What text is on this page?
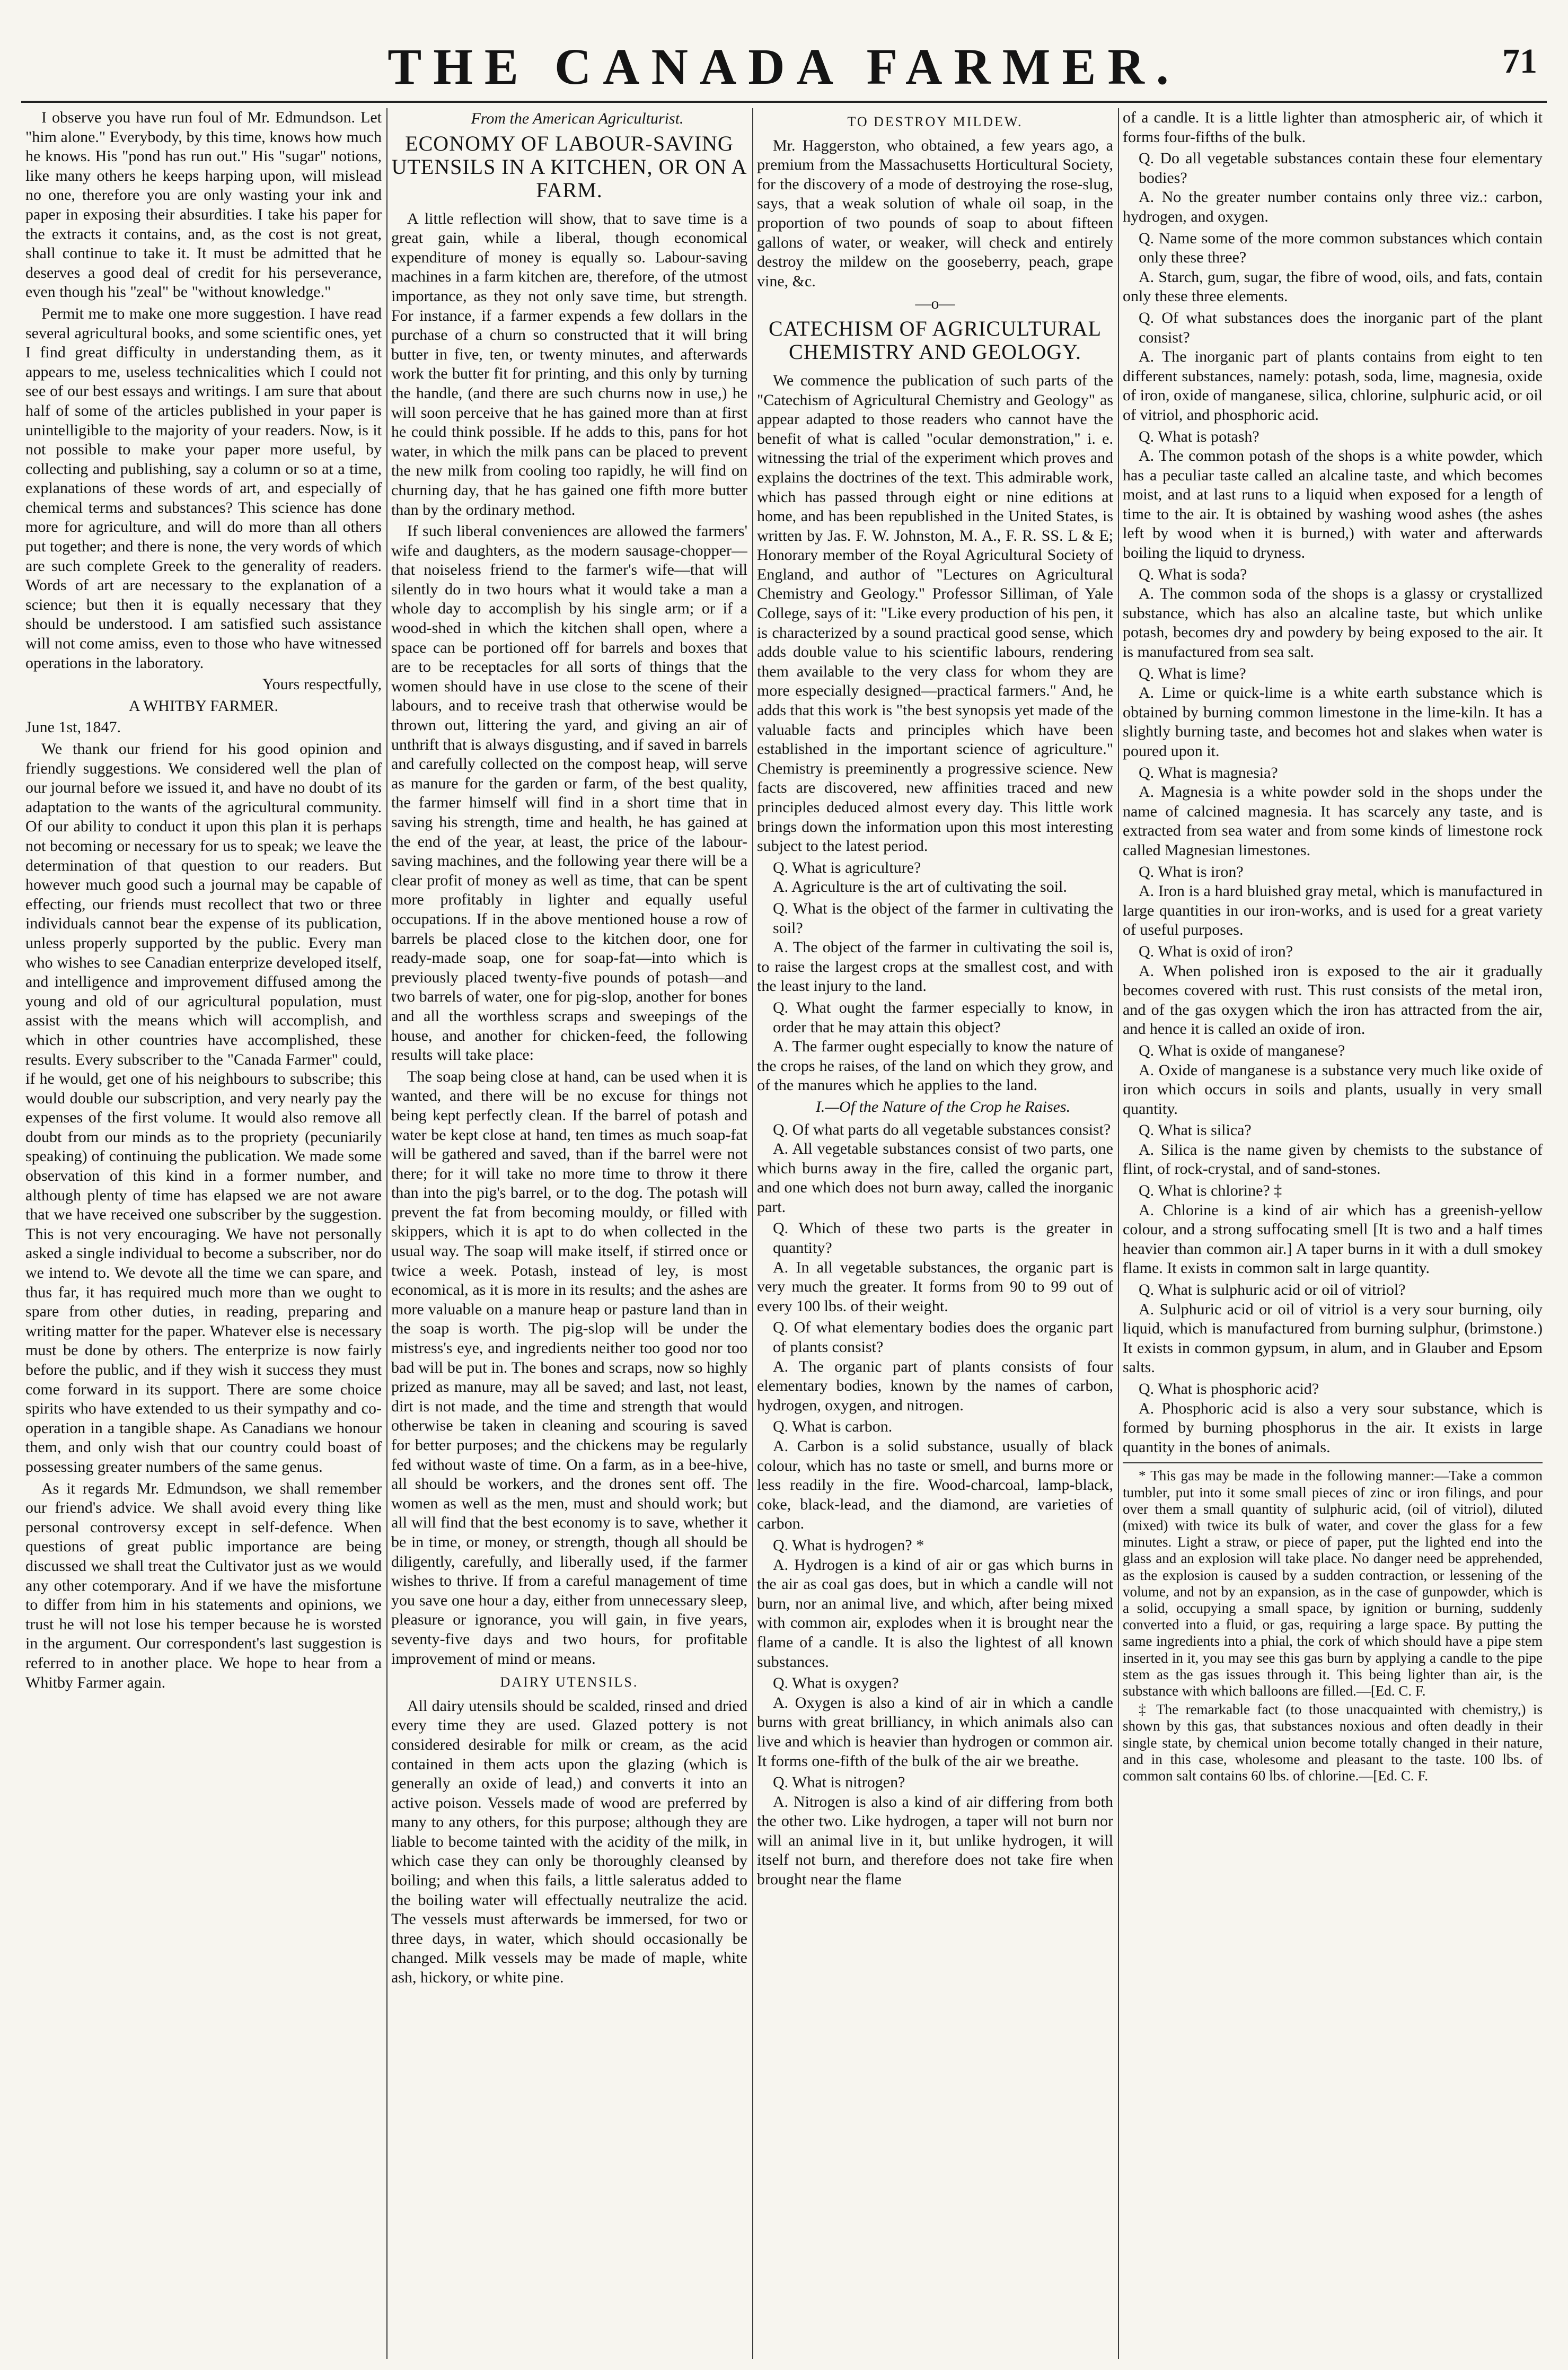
THE CANADA FARMER.	71

I observe you have run foul of Mr. Edmundson. Let "him alone." Everybody, by this time, knows how much he knows. His "pond has run out." His "sugar" notions, like many others he keeps harping upon, will mislead no one, therefore you are only wasting your ink and paper in exposing their absurdities. I take his paper for the extracts it contains, and, as the cost is not great, shall continue to take it. It must be admitted that he deserves a good deal of credit for his perseverance, even though his "zeal" be "without knowledge."

Permit me to make one more suggestion. I have read several agricultural books, and some scientific ones, yet I find great difficulty in understanding them, as it appears to me, useless technicalities which I could not see of our best essays and writings. I am sure that about half of some of the articles published in your paper is unintelligible to the majority of your readers. Now, is it not possible to make your paper more useful, by collecting and publishing, say a column or so at a time, explanations of these words of art, and especially of chemical terms and substances? This science has done more for agriculture, and will do more than all others put together; and there is none, the very words of which are such complete Greek to the generality of readers. Words of art are necessary to the explanation of a science; but then it is equally necessary that they should be understood. I am satisfied such assistance will not come amiss, even to those who have witnessed operations in the laboratory.

Yours respectfully,

A WHITBY FARMER.

June 1st, 1847.

We thank our friend for his good opinion and friendly suggestions. We considered well the plan of our journal before we issued it, and have no doubt of its adaptation to the wants of the agricultural community. Of our ability to conduct it upon this plan it is perhaps not becoming or necessary for us to speak; we leave the determination of that question to our readers. But however much good such a journal may be capable of effecting, our friends must recollect that two or three individuals cannot bear the expense of its publication, unless properly supported by the public. Every man who wishes to see Canadian enterprize developed itself, and intelligence and improvement diffused among the young and old of our agricultural population, must assist with the means which will accomplish, and which in other countries have accomplished, these results. Every subscriber to the "Canada Farmer" could, if he would, get one of his neighbours to subscribe; this would double our subscription, and very nearly pay the expenses of the first volume. It would also remove all doubt from our minds as to the propriety (pecuniarily speaking) of continuing the publication. We made some observation of this kind in a former number, and although plenty of time has elapsed we are not aware that we have received one subscriber by the suggestion. This is not very encouraging. We have not personally asked a single individual to become a subscriber, nor do we intend to. We devote all the time we can spare, and thus far, it has required much more than we ought to spare from other duties, in reading, preparing and writing matter for the paper. Whatever else is necessary must be done by others. The enterprize is now fairly before the public, and if they wish it success they must come forward in its support. There are some choice spirits who have extended to us their sympathy and co-operation in a tangible shape. As Canadians we honour them, and only wish that our country could boast of possessing greater numbers of the same genus.

As it regards Mr. Edmundson, we shall remember our friend's advice. We shall avoid every thing like personal controversy except in self-defence. When questions of great public importance are being discussed we shall treat the Cultivator just as we would any other cotemporary. And if we have the misfortune to differ from him in his statements and opinions, we trust he will not lose his temper because he is worsted in the argument. Our correspondent's last suggestion is referred to in another place. We hope to hear from a Whitby Farmer again.

From the American Agriculturist.

ECONOMY OF LABOUR-SAVING UTENSILS IN A KITCHEN, OR ON A FARM.

A little reflection will show, that to save time is a great gain, while a liberal, though economical expenditure of money is equally so. Labour-saving machines in a farm kitchen are, therefore, of the utmost importance, as they not only save time, but strength. For instance, if a farmer expends a few dollars in the purchase of a churn so constructed that it will bring butter in five, ten, or twenty minutes, and afterwards work the butter fit for printing, and this only by turning the handle, (and there are such churns now in use,) he will soon perceive that he has gained more than at first he could think possible. If he adds to this, pans for hot water, in which the milk pans can be placed to prevent the new milk from cooling too rapidly, he will find on churning day, that he has gained one fifth more butter than by the ordinary method.

If such liberal conveniences are allowed the farmers' wife and daughters, as the modern sausage-chopper—that noiseless friend to the farmer's wife—that will silently do in two hours what it would take a man a whole day to accomplish by his single arm; or if a wood-shed in which the kitchen shall open, where a space can be portioned off for barrels and boxes that are to be receptacles for all sorts of things that the women should have in use close to the scene of their labours, and to receive trash that otherwise would be thrown out, littering the yard, and giving an air of unthrift that is always disgusting, and if saved in barrels and carefully collected on the compost heap, will serve as manure for the garden or farm, of the best quality, the farmer himself will find in a short time that in saving his strength, time and health, he has gained at the end of the year, at least, the price of the labour-saving machines, and the following year there will be a clear profit of money as well as time, that can be spent more profitably in lighter and equally useful occupations. If in the above mentioned house a row of barrels be placed close to the kitchen door, one for ready-made soap, one for soap-fat—into which is previously placed twenty-five pounds of potash—and two barrels of water, one for pig-slop, another for bones and all the worthless scraps and sweepings of the house, and another for chicken-feed, the following results will take place:

The soap being close at hand, can be used when it is wanted, and there will be no excuse for things not being kept perfectly clean. If the barrel of potash and water be kept close at hand, ten times as much soap-fat will be gathered and saved, than if the barrel were not there; for it will take no more time to throw it there than into the pig's barrel, or to the dog. The potash will prevent the fat from becoming mouldy, or filled with skippers, which it is apt to do when collected in the usual way. The soap will make itself, if stirred once or twice a week. Potash, instead of ley, is most economical, as it is more in its results; and the ashes are more valuable on a manure heap or pasture land than in the soap is worth. The pig-slop will be under the mistress's eye, and ingredients neither too good nor too bad will be put in. The bones and scraps, now so highly prized as manure, may all be saved; and last, not least, dirt is not made, and the time and strength that would otherwise be taken in cleaning and scouring is saved for better purposes; and the chickens may be regularly fed without waste of time. On a farm, as in a bee-hive, all should be workers, and the drones sent off. The women as well as the men, must and should work; but all will find that the best economy is to save, whether it be in time, or money, or strength, though all should be diligently, carefully, and liberally used, if the farmer wishes to thrive. If from a careful management of time you save one hour a day, either from unnecessary sleep, pleasure or ignorance, you will gain, in five years, seventy-five days and two hours, for profitable improvement of mind or means.

DAIRY UTENSILS.

All dairy utensils should be scalded, rinsed and dried every time they are used. Glazed pottery is not considered desirable for milk or cream, as the acid contained in them acts upon the glazing (which is generally an oxide of lead,) and converts it into an active poison. Vessels made of wood are preferred by many to any others, for this purpose; although they are liable to become tainted with the acidity of the milk, in which case they can only be thoroughly cleansed by boiling; and when this fails, a little saleratus added to the boiling water will effectually neutralize the acid. The vessels must afterwards be immersed, for two or three days, in water, which should occasionally be changed. Milk vessels may be made of maple, white ash, hickory, or white pine.

TO DESTROY MILDEW.

Mr. Haggerston, who obtained, a few years ago, a premium from the Massachusetts Horticultural Society, for the discovery of a mode of destroying the rose-slug, says, that a weak solution of whale oil soap, in the proportion of two pounds of soap to about fifteen gallons of water, or weaker, will check and entirely destroy the mildew on the gooseberry, peach, grape vine, &c.

—o—
CATECHISM OF AGRICULTURAL CHEMISTRY AND GEOLOGY.

We commence the publication of such parts of the "Catechism of Agricultural Chemistry and Geology" as appear adapted to those readers who cannot have the benefit of what is called "ocular demonstration," i. e. witnessing the trial of the experiment which proves and explains the doctrines of the text. This admirable work, which has passed through eight or nine editions at home, and has been republished in the United States, is written by Jas. F. W. Johnston, M. A., F. R. SS. L & E; Honorary member of the Royal Agricultural Society of England, and author of "Lectures on Agricultural Chemistry and Geology." Professor Silliman, of Yale College, says of it: "Like every production of his pen, it is characterized by a sound practical good sense, which adds double value to his scientific labours, rendering them available to the very class for whom they are more especially designed—practical farmers." And, he adds that this work is "the best synopsis yet made of the valuable facts and principles which have been established in the important science of agriculture." Chemistry is preeminently a progressive science. New facts are discovered, new affinities traced and new principles deduced almost every day. This little work brings down the information upon this most interesting subject to the latest period.

Q. What is agriculture?

A. Agriculture is the art of cultivating the soil.

Q. What is the object of the farmer in cultivating the soil?

A. The object of the farmer in cultivating the soil is, to raise the largest crops at the smallest cost, and with the least injury to the land.

Q. What ought the farmer especially to know, in order that he may attain this object?

A. The farmer ought especially to know the nature of the crops he raises, of the land on which they grow, and of the manures which he applies to the land.

I.—Of the Nature of the Crop he Raises.

Q. Of what parts do all vegetable substances consist?

A. All vegetable substances consist of two parts, one which burns away in the fire, called the organic part, and one which does not burn away, called the inorganic part.

Q. Which of these two parts is the greater in quantity?

A. In all vegetable substances, the organic part is very much the greater. It forms from 90 to 99 out of every 100 lbs. of their weight.

Q. Of what elementary bodies does the organic part of plants consist?

A. The organic part of plants consists of four elementary bodies, known by the names of carbon, hydrogen, oxygen, and nitrogen.

Q. What is carbon.

A. Carbon is a solid substance, usually of black colour, which has no taste or smell, and burns more or less readily in the fire. Wood-charcoal, lamp-black, coke, black-lead, and the diamond, are varieties of carbon.

Q. What is hydrogen? *

A. Hydrogen is a kind of air or gas which burns in the air as coal gas does, but in which a candle will not burn, nor an animal live, and which, after being mixed with common air, explodes when it is brought near the flame of a candle. It is also the lightest of all known substances.

Q. What is oxygen?

A. Oxygen is also a kind of air in which a candle burns with great brilliancy, in which animals also can live and which is heavier than hydrogen or common air. It forms one-fifth of the bulk of the air we breathe.

Q. What is nitrogen?

A. Nitrogen is also a kind of air differing from both the other two. Like hydrogen, a taper will not burn nor will an animal live in it, but unlike hydrogen, it will itself not burn, and therefore does not take fire when brought near the flame

of a candle. It is a little lighter than atmospheric air, of which it forms four-fifths of the bulk.

Q. Do all vegetable substances contain these four elementary bodies?

A. No the greater number contains only three viz.: carbon, hydrogen, and oxygen.

Q. Name some of the more common substances which contain only these three?

A. Starch, gum, sugar, the fibre of wood, oils, and fats, contain only these three elements.

Q. Of what substances does the inorganic part of the plant consist?

A. The inorganic part of plants contains from eight to ten different substances, namely: potash, soda, lime, magnesia, oxide of iron, oxide of manganese, silica, chlorine, sulphuric acid, or oil of vitriol, and phosphoric acid.

Q. What is potash?

A. The common potash of the shops is a white powder, which has a peculiar taste called an alcaline taste, and which becomes moist, and at last runs to a liquid when exposed for a length of time to the air. It is obtained by washing wood ashes (the ashes left by wood when it is burned,) with water and afterwards boiling the liquid to dryness.

Q. What is soda?

A. The common soda of the shops is a glassy or crystallized substance, which has also an alcaline taste, but which unlike potash, becomes dry and powdery by being exposed to the air. It is manufactured from sea salt.

Q. What is lime?

A. Lime or quick-lime is a white earth substance which is obtained by burning common limestone in the lime-kiln. It has a slightly burning taste, and becomes hot and slakes when water is poured upon it.

Q. What is magnesia?

A. Magnesia is a white powder sold in the shops under the name of calcined magnesia. It has scarcely any taste, and is extracted from sea water and from some kinds of limestone rock called Magnesian limestones.

Q. What is iron?

A. Iron is a hard bluished gray metal, which is manufactured in large quantities in our iron-works, and is used for a great variety of useful purposes.

Q. What is oxid of iron?

A. When polished iron is exposed to the air it gradually becomes covered with rust. This rust consists of the metal iron, and of the gas oxygen which the iron has attracted from the air, and hence it is called an oxide of iron.

Q. What is oxide of manganese?

A. Oxide of manganese is a substance very much like oxide of iron which occurs in soils and plants, usually in very small quantity.

Q. What is silica?

A. Silica is the name given by chemists to the substance of flint, of rock-crystal, and of sand-stones.

Q. What is chlorine? ‡

A. Chlorine is a kind of air which has a greenish-yellow colour, and a strong suffocating smell [It is two and a half times heavier than common air.] A taper burns in it with a dull smokey flame. It exists in common salt in large quantity.

Q. What is sulphuric acid or oil of vitriol?

A. Sulphuric acid or oil of vitriol is a very sour burning, oily liquid, which is manufactured from burning sulphur, (brimstone.) It exists in common gypsum, in alum, and in Glauber and Epsom salts.

Q. What is phosphoric acid?

A. Phosphoric acid is also a very sour substance, which is formed by burning phosphorus in the air. It exists in large quantity in the bones of animals.

* This gas may be made in the following manner:—Take a common tumbler, put into it some small pieces of zinc or iron filings, and pour over them a small quantity of sulphuric acid, (oil of vitriol), diluted (mixed) with twice its bulk of water, and cover the glass for a few minutes. Light a straw, or piece of paper, put the lighted end into the glass and an explosion will take place. No danger need be apprehended, as the explosion is caused by a sudden contraction, or lessening of the volume, and not by an expansion, as in the case of gunpowder, which is a solid, occupying a small space, by ignition or burning, suddenly converted into a fluid, or gas, requiring a large space. By putting the same ingredients into a phial, the cork of which should have a pipe stem inserted in it, you may see this gas burn by applying a candle to the pipe stem as the gas issues through it. This being lighter than air, is the substance with which balloons are filled.—[Ed. C. F.

‡ The remarkable fact (to those unacquainted with chemistry,) is shown by this gas, that substances noxious and often deadly in their single state, by chemical union become totally changed in their nature, and in this case, wholesome and pleasant to the taste. 100 lbs. of common salt contains 60 lbs. of chlorine.—[Ed. C. F.
